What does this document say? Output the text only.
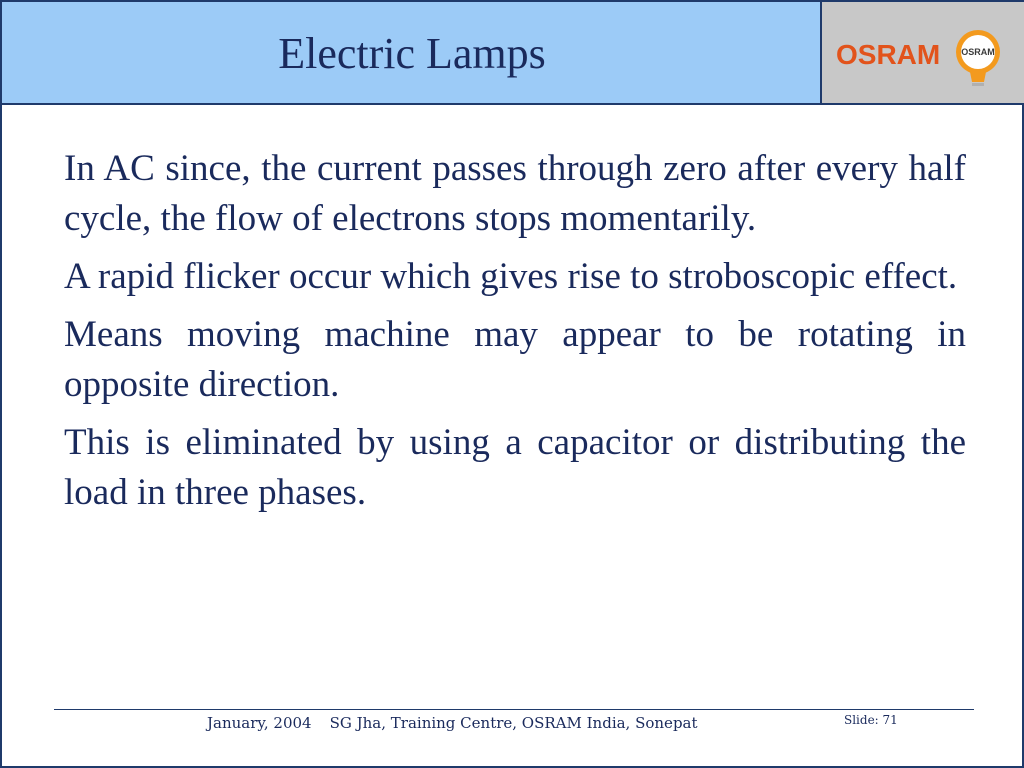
Electric Lamps	OSRAM OSRAM

In AC since, the current passes through zero after every half cycle, the flow of electrons stops momentarily.

A rapid flicker occur which gives rise to stroboscopic effect.

Means moving machine may appear to be rotating in opposite direction.

This is eliminated by using a capacitor or distributing the load in three phases.

January, 2004 SG Jha, Training Centre, OSRAM India, Sonepat	Slide: 71
